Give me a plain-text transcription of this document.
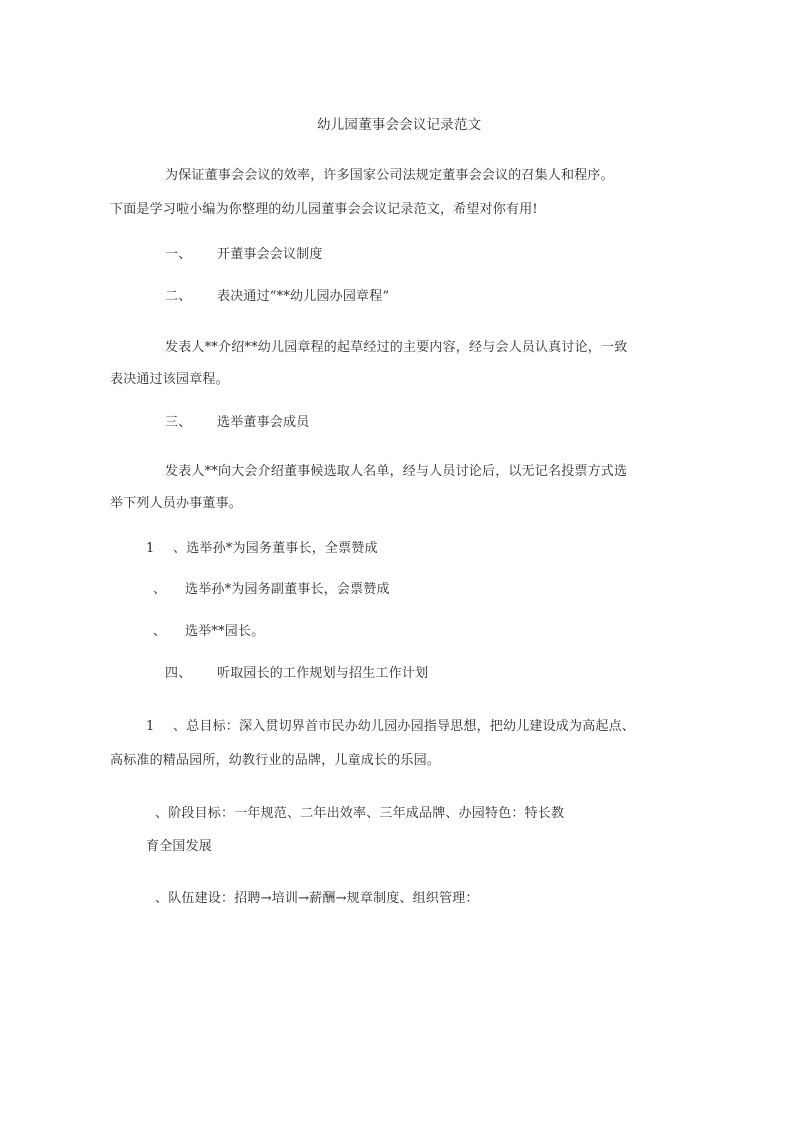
幼儿园董事会会议记录范文
为保证董事会会议的效率，许多国家公司法规定董事会会议的召集人和程序。
下面是学习啦小编为你整理的幼儿园董事会会议记录范文，希望对你有用!
一、 开董事会会议制度
二、 表决通过“**幼儿园办园章程”
发表人**介绍**幼儿园章程的起草经过的主要内容，经与会人员认真讨论，一致
表决通过该园章程。
三、 选举董事会成员
发表人**向大会介绍董事候选取人名单，经与人员讨论后，以无记名投票方式选
举下列人员办事董事。
1 、选举孙*为园务董事长，全票赞成
、 选举孙*为园务副董事长，会票赞成
、 选举**园长。
四、 听取园长的工作规划与招生工作计划
1 、总目标：深入贯切界首市民办幼儿园办园指导思想，把幼儿建设成为高起点、
高标准的精品园所，幼教行业的品牌，儿童成长的乐园。
、阶段目标：一年规范、二年出效率、三年成品牌、办园特色：特长教
育全国发展
、队伍建设：招聘→培训→薪酬→规章制度、组织管理：
